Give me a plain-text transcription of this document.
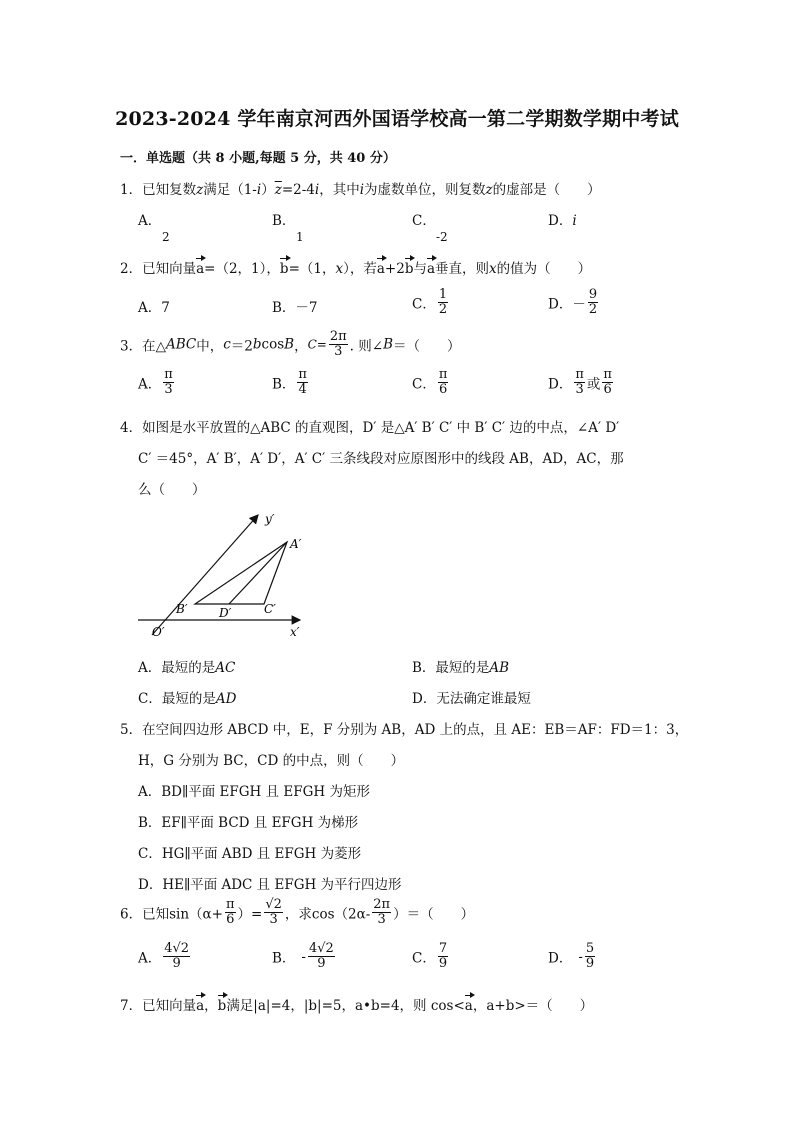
2023-2024 学年南京河西外国语学校高一第二学期数学期中考试
一．单选题（共 8 小题,每题 5 分，共 40 分）
1．已知复数z满足$(1-i)\overline{z}=2-4i$，其中i为虚数单位，则复数z的虚部是（　　）
A．
2
B．
1
C．
-2
D．i
2．已知向量a=（2，1），b=（1，x），若a+2b与a垂直，则x的值为（　　）
A．7	B．－7	C． $\frac{1}{2}$	D．－ $\frac{9}{2}$
3．在△ABC中，c＝2bcosB，$C= \frac{2\pi}{3}$ . 则∠B＝（　　）
A． $\frac{\pi}{3}$	B． $\frac{\pi}{4}$	C． $\frac{\pi}{6}$	D． $\frac{\pi}{3}$ 或 $\frac{\pi}{6}$
4．如图是水平放置的△ABC 的直观图，D′ 是△A′ B′ C′ 中 B′ C′ 边的中点，∠A′ D′
C′ ＝45°，A′ B′，A′ D′，A′ C′ 三条线段对应原图形中的线段 AB，AD，AC，那
么（　　）
y′
x′
O′
A′
B′	C′
D′
A．最短的是AC	B．最短的是AB
C．最短的是AD	D．无法确定谁最短
5．在空间四边形 ABCD 中，E，F 分别为 AB，AD 上的点，且 AE：EB＝AF：FD＝1：3，
H，G 分别为 BC，CD 的中点，则（　　）
A．BD∥平面 EFGH 且 EFGH 为矩形
B．EF∥平面 BCD 且 EFGH 为梯形
C．HG∥平面 ABD 且 EFGH 为菱形
D．HE∥平面 ADC 且 EFGH 为平行四边形
6．已知$\sin(\alpha+ \frac{\pi}{6}$ ）= $\frac{√2}{3}$ ，求$\cos(2\alpha- \frac{2\pi}{3}$ ）＝（　　）
A． $\frac{4√2}{9}$	B． - $\frac{4√2}{9}$	C． $\frac{7}{9}$	D． - $\frac{5}{9}$
7．已知向量a，b满足|a|=4，|b|=5，a•b=4，则 cos<a，a+b>＝（　　）
